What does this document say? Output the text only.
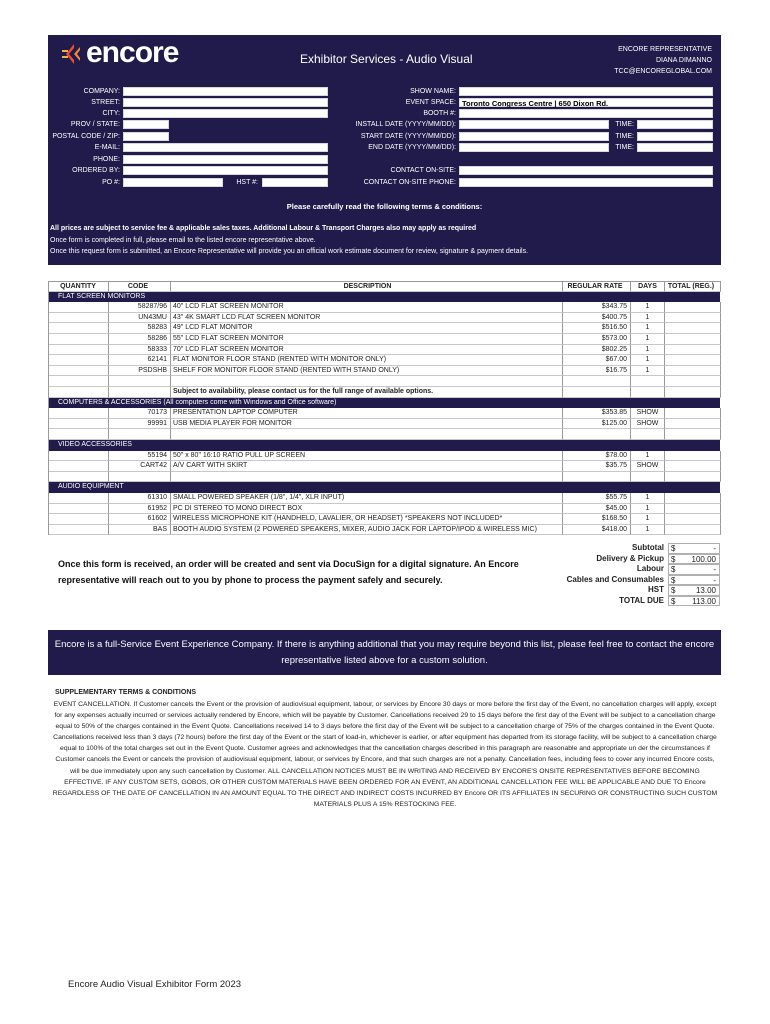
encore	Exhibitor Services - Audio Visual
ENCORE REPRESENTATIVE
DIANA DIMANNO
TCC@ENCOREGLOBAL.COM
COMPANY:
STREET:
CITY:
PROV / STATE:
POSTAL CODE / ZIP:
E-MAIL:
PHONE:
ORDERED BY:
PO #:	HST #:
SHOW NAME:
EVENT SPACE: Toronto Congress Centre | 650 Dixon Rd.
BOOTH #:
INSTALL DATE (YYYY/MM/DD):	TIME:
START DATE (YYYY/MM/DD):	TIME:
END DATE (YYYY/MM/DD):	TIME:
CONTACT ON-SITE:
CONTACT ON-SITE PHONE:
Please carefully read the following terms & conditions:
All prices are subject to service fee & applicable sales taxes. Additional Labour & Transport Charges also may apply as required
Once form is completed in full, please email to the listed encore representative above.
Once this request form is submitted, an Encore Representative will provide you an official work estimate document for review, signature & payment details.
QUANTITY	CODE	DESCRIPTION	REGULAR RATE	DAYS	TOTAL (REG.)
FLAT SCREEN MONITORS
58287/96 40" LCD FLAT SCREEN MONITOR	$343.75	1
UN43MU 43" 4K SMART LCD FLAT SCREEN MONITOR	$400.75	1
58283 49" LCD FLAT MONITOR	$516.50	1
58286 55" LCD FLAT SCREEN MONITOR	$573.00	1
58333 70" LCD FLAT SCREEN MONITOR	$802.25	1
62141 FLAT MONITOR FLOOR STAND (RENTED WITH MONITOR ONLY)	$67.00	1
PSDSHB SHELF FOR MONITOR FLOOR STAND (RENTED WITH STAND ONLY)	$16.75	1
Subject to availability, please contact us for the full range of available options.
COMPUTERS & ACCESSORIES (All computers come with Windows and Office software)
70173 PRESENTATION LAPTOP COMPUTER	$353.85	SHOW
99991 USB MEDIA PLAYER FOR MONITOR	$125.00	SHOW
VIDEO ACCESSORIES
55194 50" x 80" 16:10 RATIO PULL UP SCREEN	$78.00	1
CART42 A/V CART WITH SKIRT	$35.75	SHOW
AUDIO EQUIPMENT
61310 SMALL POWERED SPEAKER (1/8", 1/4", XLR INPUT)	$55.75	1
61952 PC DI STEREO TO MONO DIRECT BOX	$45.00	1
61602 WIRELESS MICROPHONE KIT (HANDHELD, LAVALIER, OR HEADSET) *SPEAKERS NOT INCLUDED*	$168.50	1
BAS BOOTH AUDIO SYSTEM (2 POWERED SPEAKERS, MIXER, AUDIO JACK FOR LAPTOP/IPOD & WIRELESS MIC)	$418.00	1
Once this form is received, an order will be created and sent via DocuSign for a digital signature. An Encore representative will reach out to you by phone to process the payment safely and securely.
Subtotal $	-
Delivery & Pickup $ 100.00
Labour $	-
Cables and Consumables $	-
HST $	13.00
TOTAL DUE $ 113.00
Encore is a full-Service Event Experience Company. If there is anything additional that you may require beyond this list, please feel free to contact the encore representative listed above for a custom solution.
SUPPLEMENTARY TERMS & CONDITIONS
EVENT CANCELLATION. If Customer cancels the Event or the provision of audiovisual equipment, labour, or services by Encore 30 days or more before the first day of the Event, no cancellation charges will apply, except for any expenses actually incurred or services actually rendered by Encore, which will be payable by Customer. Cancellations received 29 to 15 days before the first day of the Event will be subject to a cancellation charge equal to 50% of the charges contained in the Event Quote. Cancellations received 14 to 3 days before the first day of the Event will be subject to a cancellation charge of 75% of the charges contained in the Event Quote. Cancellations received less than 3 days (72 hours) before the first day of the Event or the start of load-in, whichever is earlier, or after equipment has departed from its storage facility, will be subject to a cancellation charge equal to 100% of the total charges set out in the Event Quote. Customer agrees and acknowledges that the cancellation charges described in this paragraph are reasonable and appropriate un der the circumstances if Customer cancels the Event or cancels the provision of audiovisual equipment, labour, or services by Encore, and that such charges are not a penalty. Cancellation fees, including fees to cover any incurred Encore costs, will be due immediately upon any such cancellation by Customer. ALL CANCELLATION NOTICES MUST BE IN WRITING AND RECEIVED BY ENCORE'S ONSITE REPRESENTATIVES BEFORE BECOMING EFFECTIVE. IF ANY CUSTOM SETS, GOBOS, OR OTHER CUSTOM MATERIALS HAVE BEEN ORDERED FOR AN EVENT, AN ADDITIONAL CANCELLATION FEE WILL BE APPLICABLE AND DUE TO Encore REGARDLESS OF THE DATE OF CANCELLATION IN AN AMOUNT EQUAL TO THE DIRECT AND INDIRECT COSTS INCURRED BY Encore OR ITS AFFILIATES IN SECURING OR CONSTRUCTING SUCH CUSTOM MATERIALS PLUS A 15% RESTOCKING FEE.
Encore Audio Visual Exhibitor Form 2023
